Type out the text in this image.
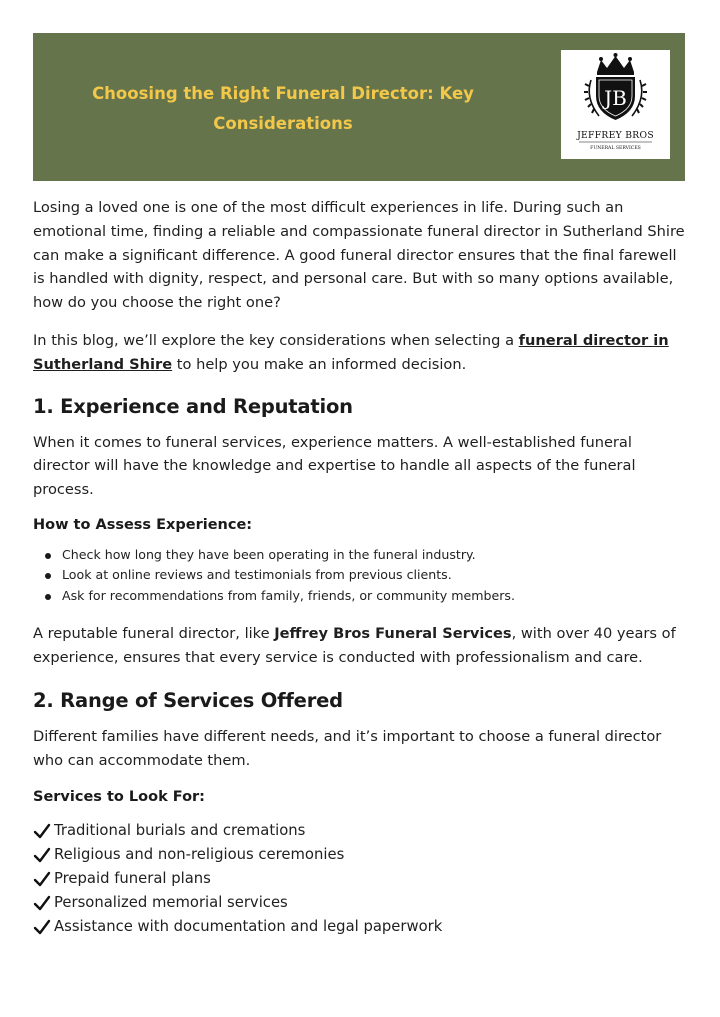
Choosing the Right Funeral Director: Key
Considerations
JB
JEFFREY BROS
FUNERAL SERVICES

Losing a loved one is one of the most difficult experiences in life. During such an emotional time, finding a reliable and compassionate funeral director in Sutherland Shire can make a significant difference. A good funeral director ensures that the final farewell is handled with dignity, respect, and personal care. But with so many options available, how do you choose the right one?

In this blog, we’ll explore the key considerations when selecting a funeral director in Sutherland Shire to help you make an informed decision.

1. Experience and Reputation

When it comes to funeral services, experience matters. A well-established funeral director will have the knowledge and expertise to handle all aspects of the funeral process.

How to Assess Experience:
Check how long they have been operating in the funeral industry.
Look at online reviews and testimonials from previous clients.
Ask for recommendations from family, friends, or community members.

A reputable funeral director, like Jeffrey Bros Funeral Services, with over 40 years of experience, ensures that every service is conducted with professionalism and care.

2. Range of Services Offered

Different families have different needs, and it’s important to choose a funeral director who can accommodate them.

Services to Look For:
Traditional burials and cremations
Religious and non-religious ceremonies
Prepaid funeral plans
Personalized memorial services
Assistance with documentation and legal paperwork
